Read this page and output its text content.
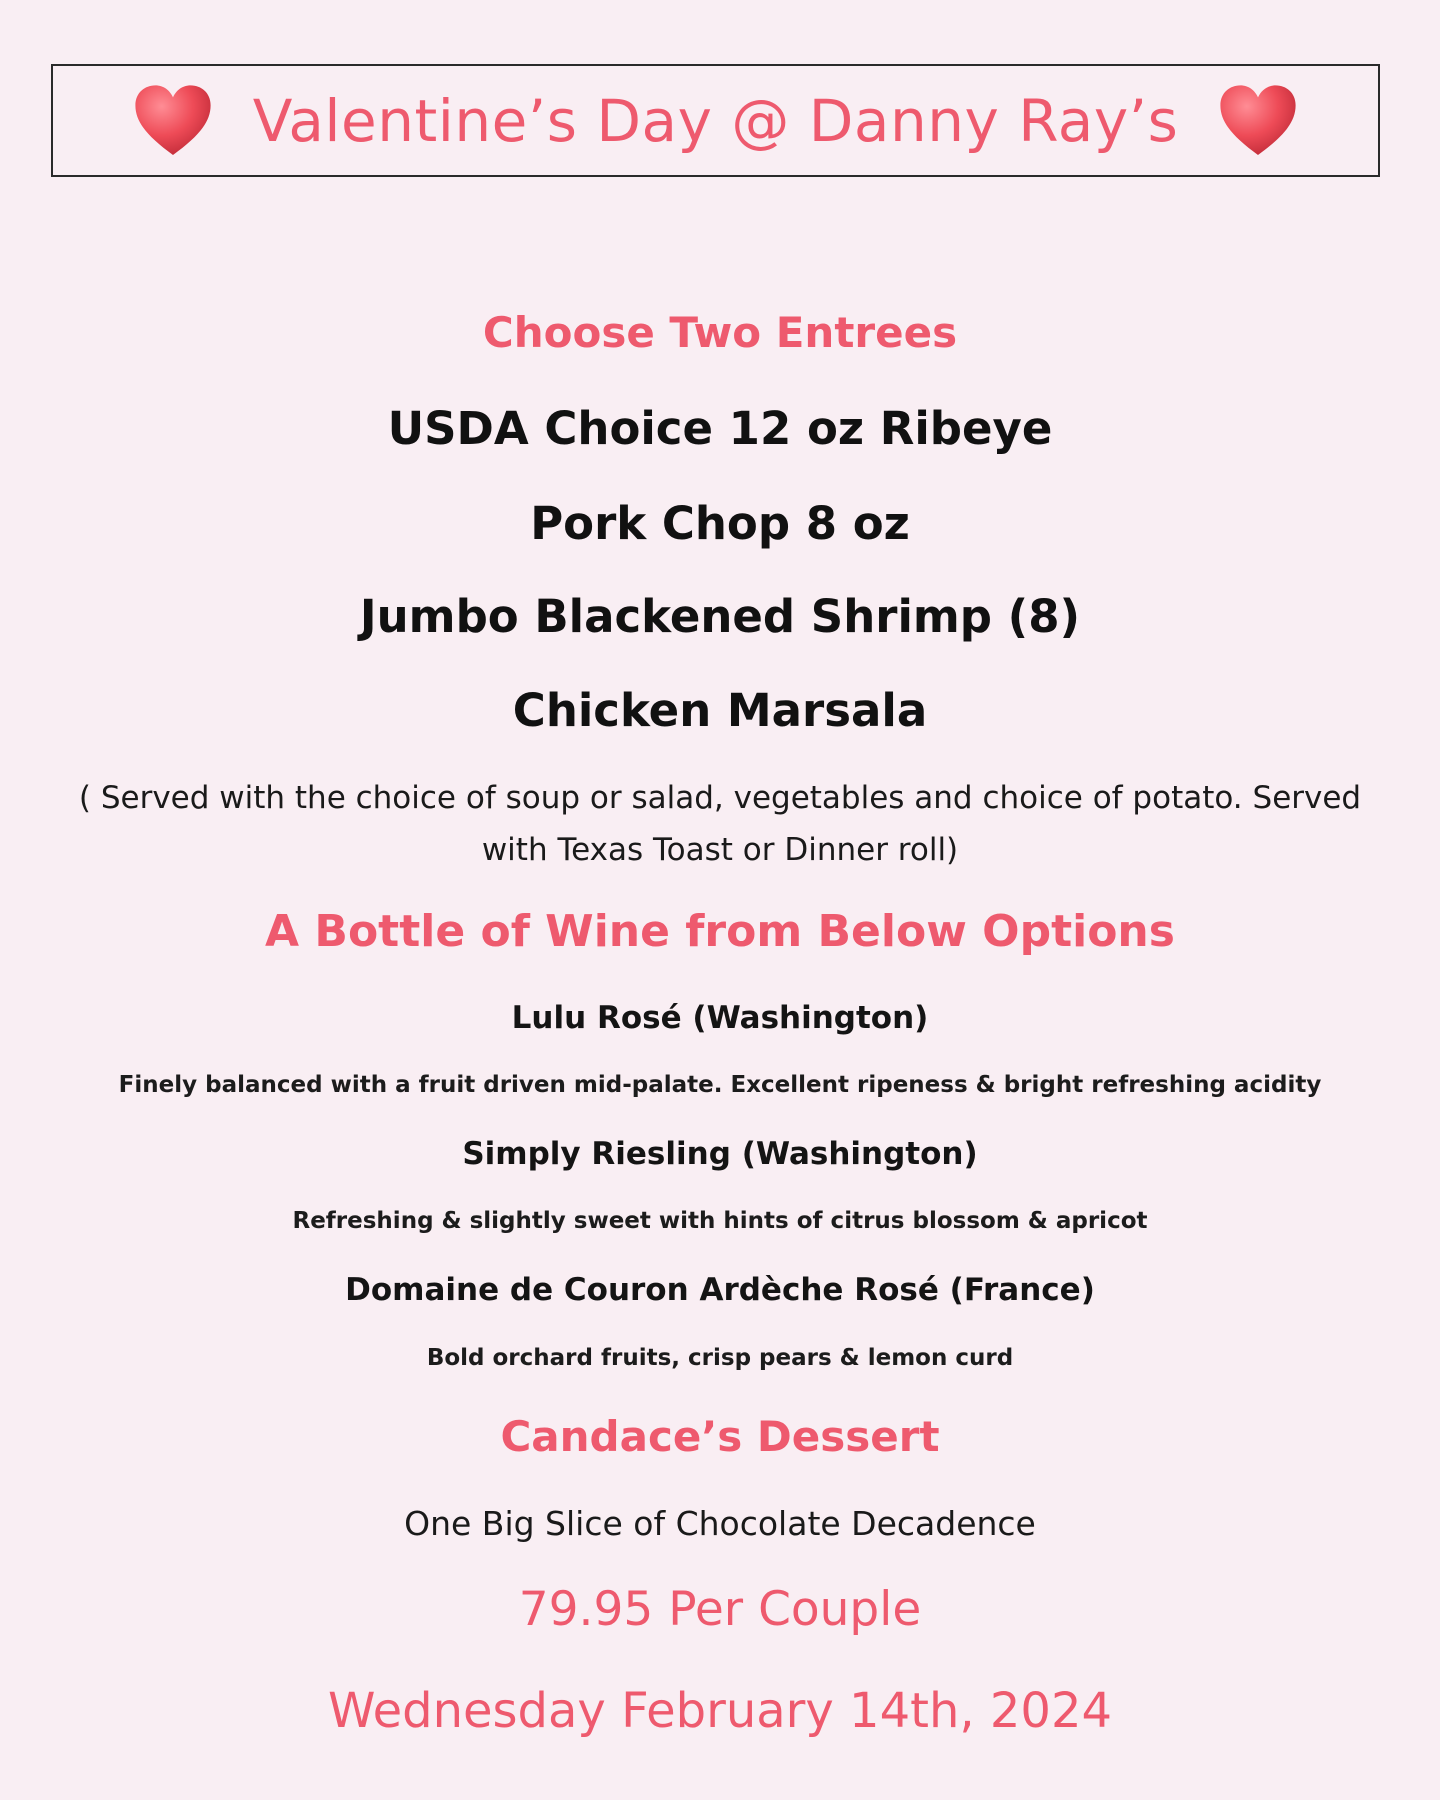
Valentine’s Day @ Danny Ray’s
Choose Two Entrees
USDA Choice 12 oz Ribeye
Pork Chop 8 oz
Jumbo Blackened Shrimp (8)
Chicken Marsala
( Served with the choice of soup or salad, vegetables and choice of potato. Served
with Texas Toast or Dinner roll)
A Bottle of Wine from Below Options
Lulu Rosé (Washington)
Finely balanced with a fruit driven mid-palate. Excellent ripeness & bright refreshing acidity
Simply Riesling (Washington)
Refreshing & slightly sweet with hints of citrus blossom & apricot
Domaine de Couron Ardèche Rosé (France)
Bold orchard fruits, crisp pears & lemon curd
Candace’s Dessert
One Big Slice of Chocolate Decadence
79.95 Per Couple
Wednesday February 14th, 2024
